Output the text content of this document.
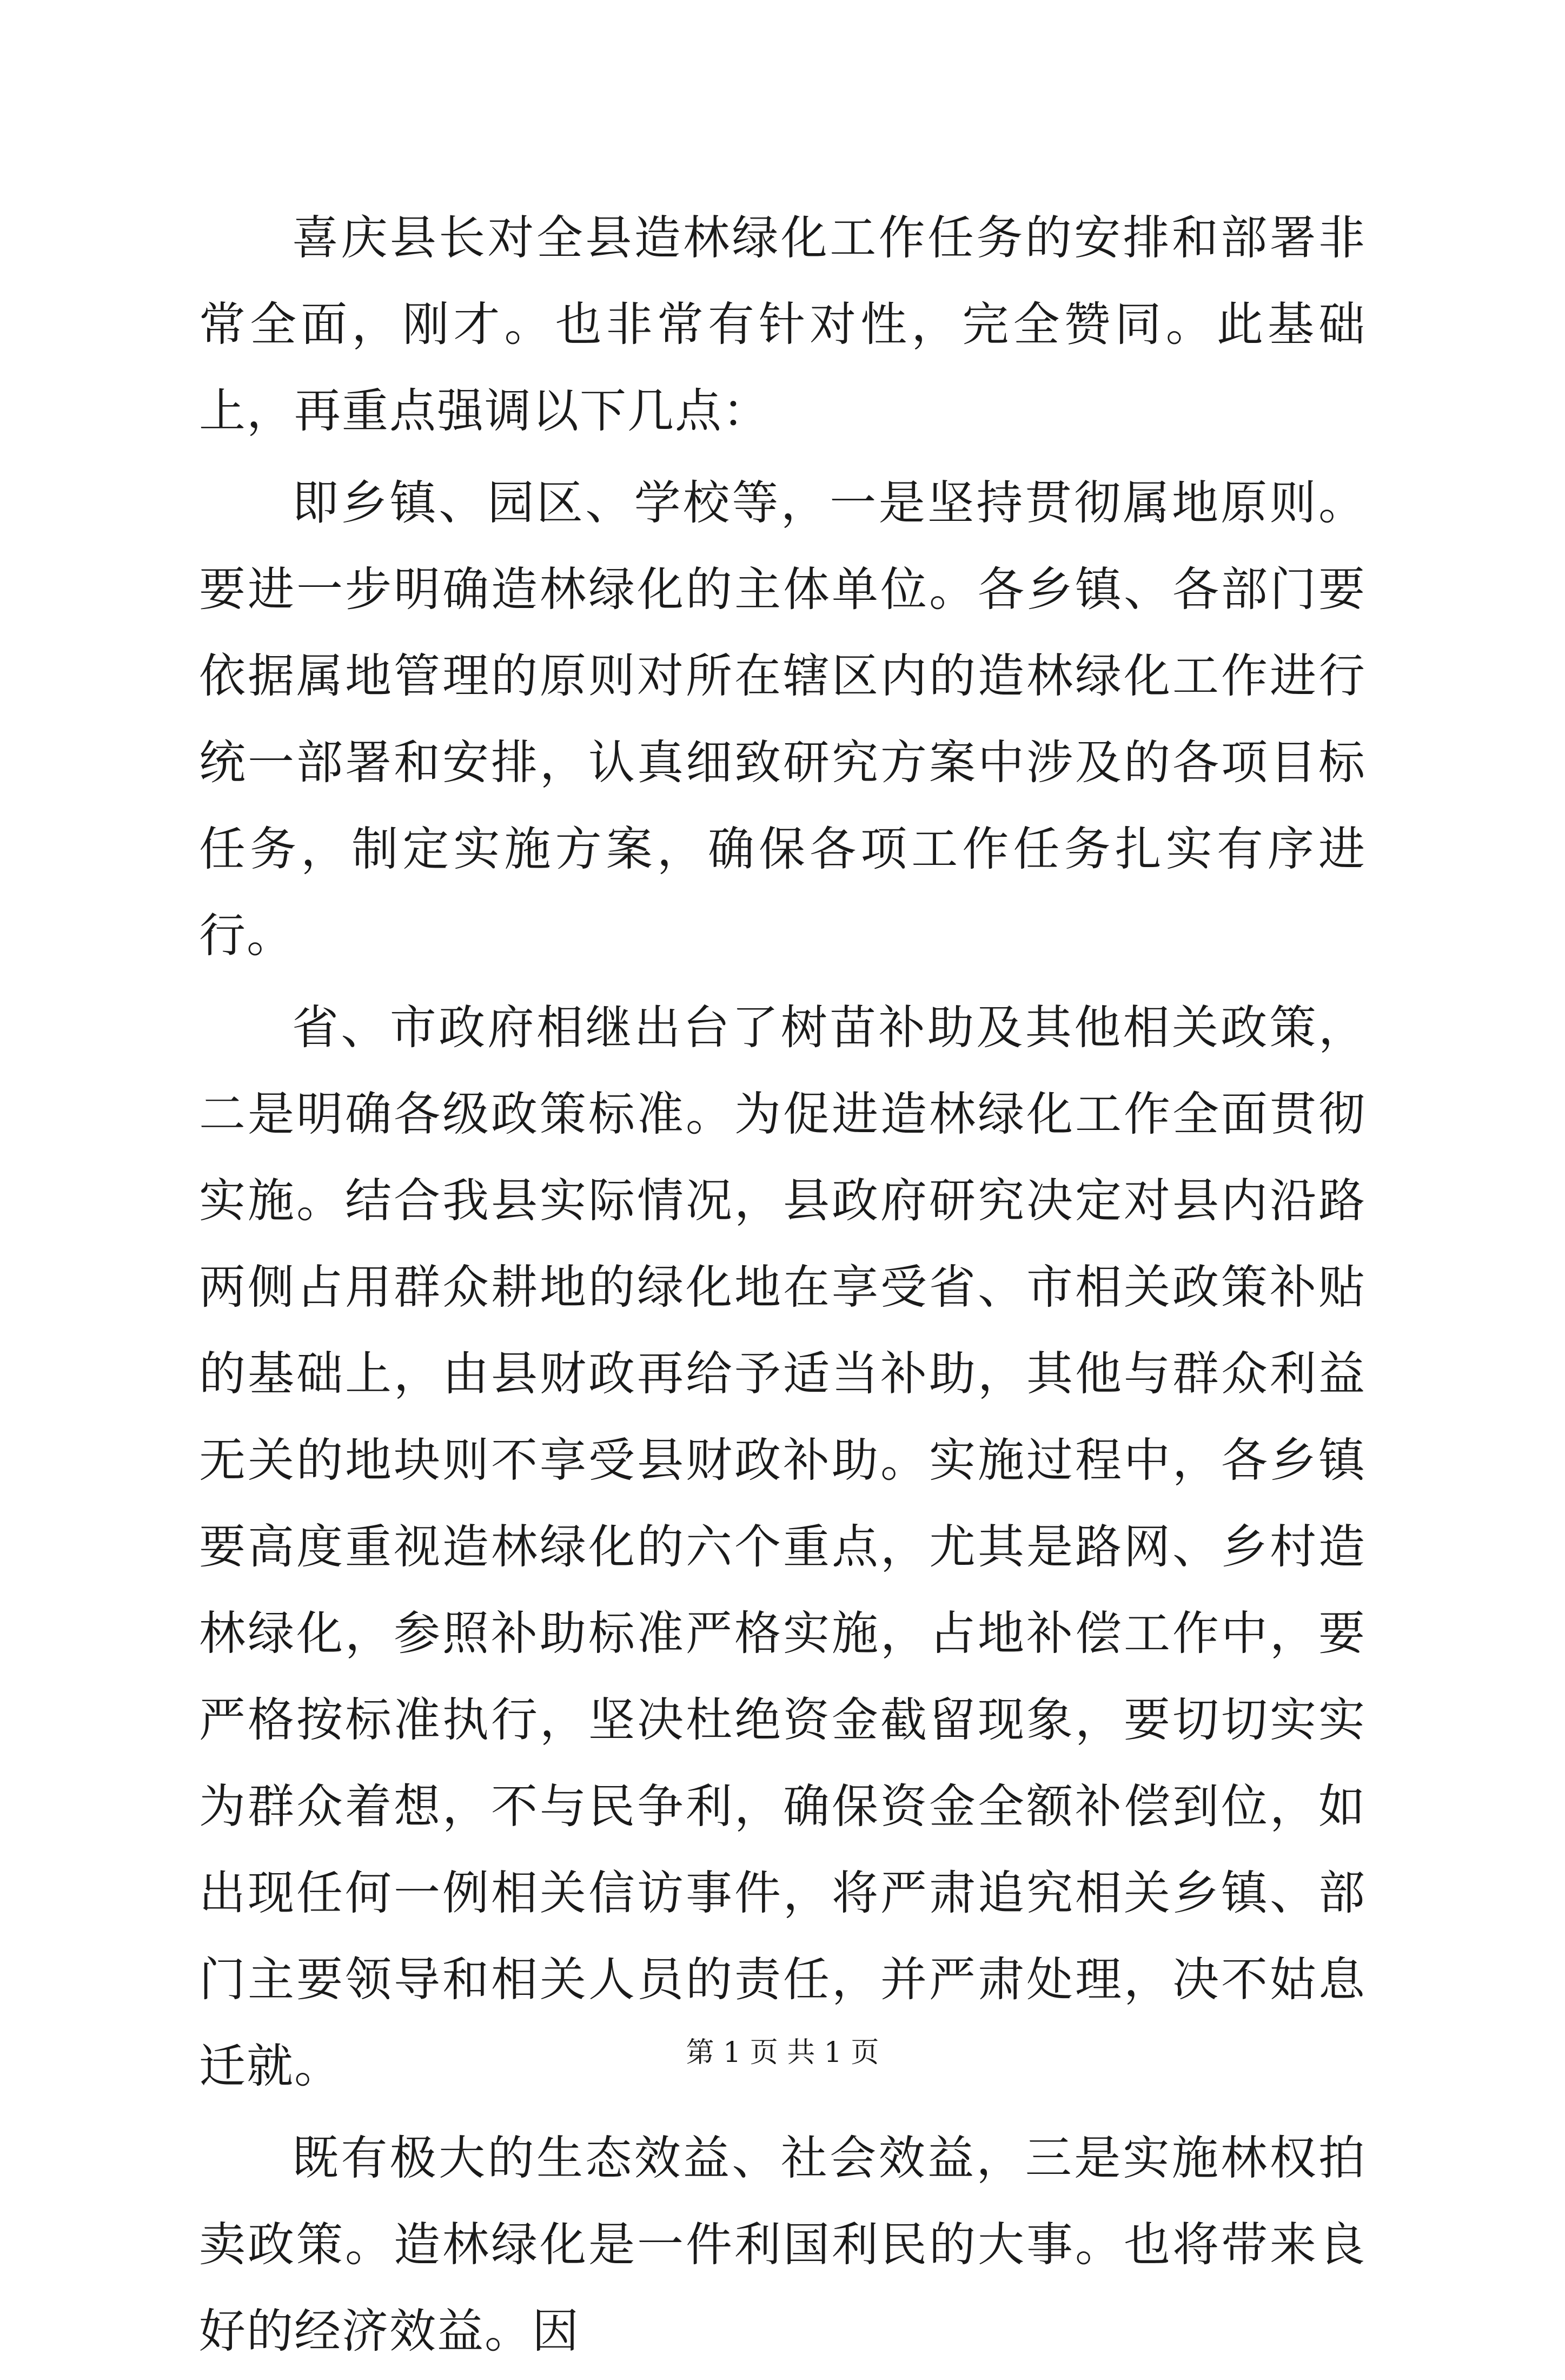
喜庆县长对全县造林绿化工作任务的安排和部署非常全面，刚才。也非常有针对性，完全赞同。此基础上，再重点强调以下几点：

即乡镇、园区、学校等，一是坚持贯彻属地原则。要进一步明确造林绿化的主体单位。各乡镇、各部门要依据属地管理的原则对所在辖区内的造林绿化工作进行统一部署和安排，认真细致研究方案中涉及的各项目标任务，制定实施方案，确保各项工作任务扎实有序进行。

省、市政府相继出台了树苗补助及其他相关政策，二是明确各级政策标准。为促进造林绿化工作全面贯彻实施。结合我县实际情况，县政府研究决定对县内沿路两侧占用群众耕地的绿化地在享受省、市相关政策补贴的基础上，由县财政再给予适当补助，其他与群众利益无关的地块则不享受县财政补助。实施过程中，各乡镇要高度重视造林绿化的六个重点，尤其是路网、乡村造林绿化，参照补助标准严格实施，占地补偿工作中，要严格按标准执行，坚决杜绝资金截留现象，要切切实实为群众着想，不与民争利，确保资金全额补偿到位，如出现任何一例相关信访事件，将严肃追究相关乡镇、部门主要领导和相关人员的责任，并严肃处理，决不姑息迁就。

既有极大的生态效益、社会效益，三是实施林权拍卖政策。造林绿化是一件利国利民的大事。也将带来良好的经济效益。因

第 1 页 共 1 页
